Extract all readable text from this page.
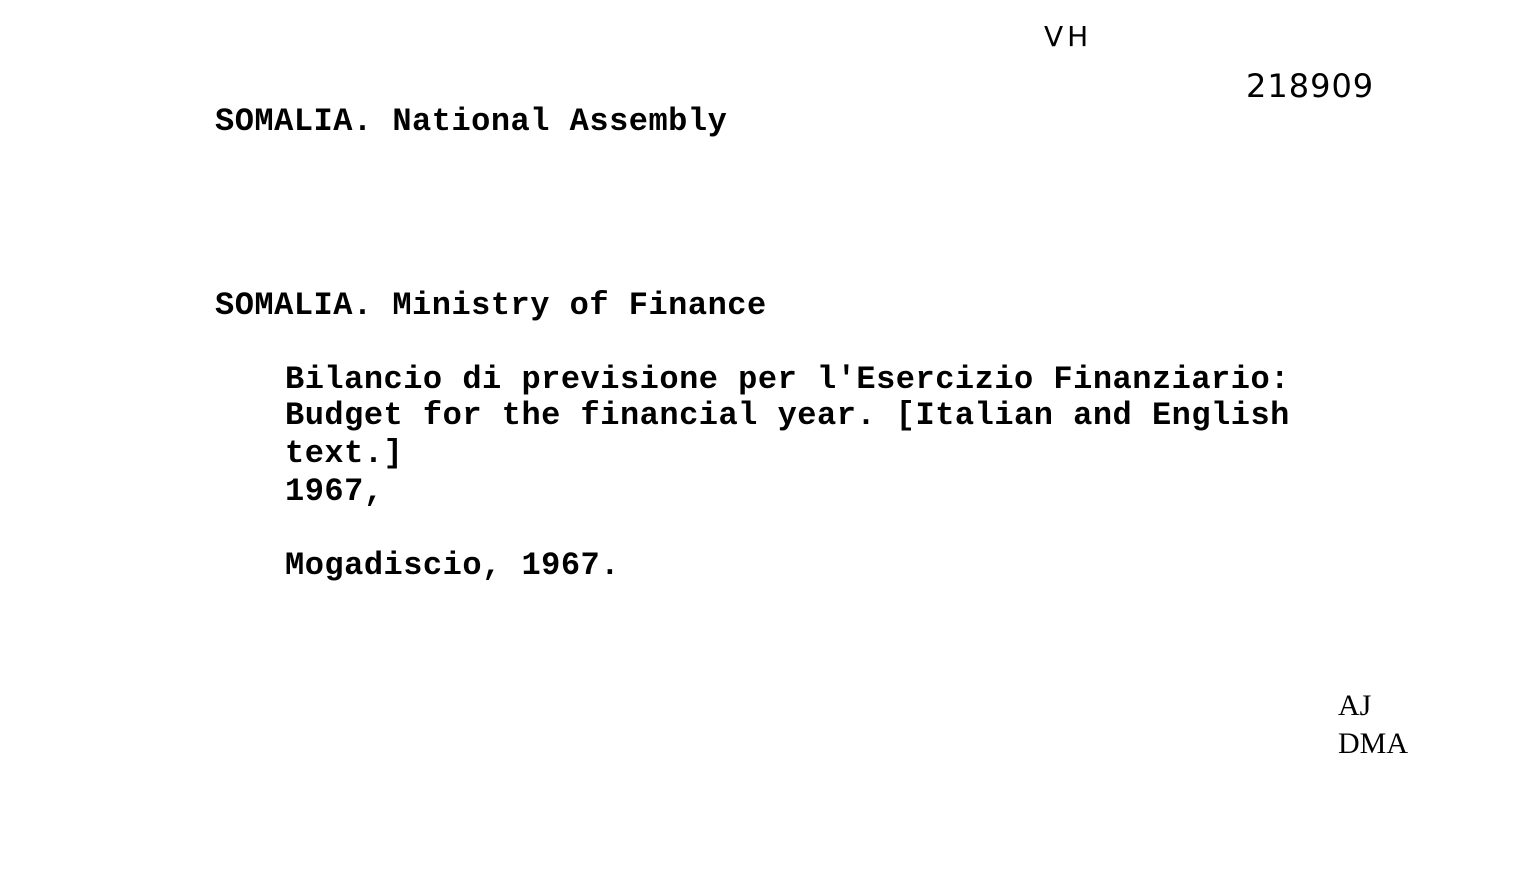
VH
218909
SOMALIA. National Assembly
SOMALIA. Ministry of Finance
Bilancio di previsione per l'Esercizio Finanziario:
Budget for the financial year. [Italian and English
text.]
1967,
Mogadiscio, 1967.
AJ
DMA
